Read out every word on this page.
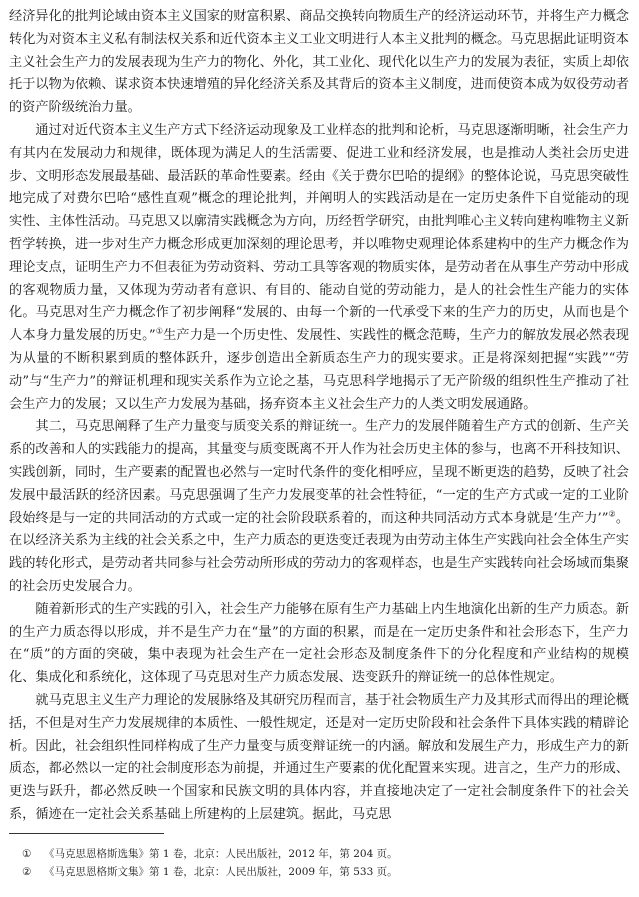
经济异化的批判论域由资本主义国家的财富积累、商品交换转向物质生产的经济运动环节，并将生产力概念转化为对资本主义私有制法权关系和近代资本主义工业文明进行人本主义批判的概念。马克思据此证明资本主义社会生产力的发展表现为生产力的物化、外化，其工业化、现代化以生产力的发展为表征，实质上却依托于以物为依赖、谋求资本快速增殖的异化经济关系及其背后的资本主义制度，进而使资本成为奴役劳动者的资产阶级统治力量。

通过对近代资本主义生产方式下经济运动现象及工业样态的批判和论析，马克思逐渐明晰，社会生产力有其内在发展动力和规律，既体现为满足人的生活需要、促进工业和经济发展，也是推动人类社会历史进步、文明形态发展最基础、最活跃的革命性要素。经由《关于费尔巴哈的提纲》的整体论说，马克思突破性地完成了对费尔巴哈“感性直观”概念的理论批判，并阐明人的实践活动是在一定历史条件下自觉能动的现实性、主体性活动。马克思又以廓清实践概念为方向，历经哲学研究，由批判唯心主义转向建构唯物主义新哲学转换，进一步对生产力概念形成更加深刻的理论思考，并以唯物史观理论体系建构中的生产力概念作为理论支点，证明生产力不但表征为劳动资料、劳动工具等客观的物质实体，是劳动者在从事生产劳动中形成的客观物质力量，又体现为劳动者有意识、有目的、能动自觉的劳动能力，是人的社会性生产能力的实体化。马克思对生产力概念作了初步阐释“发展的、由每一个新的一代承受下来的生产力的历史，从而也是个人本身力量发展的历史。”①生产力是一个历史性、发展性、实践性的概念范畴，生产力的解放发展必然表现为从量的不断积累到质的整体跃升，逐步创造出全新质态生产力的现实要求。正是将深刻把握“实践”“劳动”与“生产力”的辩证机理和现实关系作为立论之基，马克思科学地揭示了无产阶级的组织性生产推动了社会生产力的发展；又以生产力发展为基础，扬弃资本主义社会生产力的人类文明发展通路。

其二，马克思阐释了生产力量变与质变关系的辩证统一。生产力的发展伴随着生产方式的创新、生产关系的改善和人的实践能力的提高，其量变与质变既离不开人作为社会历史主体的参与，也离不开科技知识、实践创新，同时，生产要素的配置也必然与一定时代条件的变化相呼应，呈现不断更迭的趋势，反映了社会发展中最活跃的经济因素。马克思强调了生产力发展变革的社会性特征，“一定的生产方式或一定的工业阶段始终是与一定的共同活动的方式或一定的社会阶段联系着的，而这种共同活动方式本身就是‘生产力’”②。在以经济关系为主线的社会关系之中，生产力质态的更迭变迁表现为由劳动主体生产实践向社会全体生产实践的转化形式，是劳动者共同参与社会劳动所形成的劳动力的客观样态，也是生产实践转向社会场域而集聚的社会历史发展合力。

随着新形式的生产实践的引入，社会生产力能够在原有生产力基础上内生地演化出新的生产力质态。新的生产力质态得以形成，并不是生产力在“量”的方面的积累，而是在一定历史条件和社会形态下，生产力在“质”的方面的突破，集中表现为社会生产在一定社会形态及制度条件下的分化程度和产业结构的规模化、集成化和系统化，这体现了马克思对生产力质态发展、迭变跃升的辩证统一的总体性规定。

就马克思主义生产力理论的发展脉络及其研究历程而言，基于社会物质生产力及其形式而得出的理论概括，不但是对生产力发展规律的本质性、一般性规定，还是对一定历史阶段和社会条件下具体实践的精辟论析。因此，社会组织性同样构成了生产力量变与质变辩证统一的内涵。解放和发展生产力，形成生产力的新质态，都必然以一定的社会制度形态为前提，并通过生产要素的优化配置来实现。进言之，生产力的形成、更迭与跃升，都必然反映一个国家和民族文明的具体内容，并直接地决定了一定社会制度条件下的社会关系，循迹在一定社会关系基础上所建构的上层建筑。据此，马克思

① 《马克思恩格斯选集》第 1 卷，北京：人民出版社，2012 年，第 204 页。
② 《马克思恩格斯文集》第 1 卷，北京：人民出版社，2009 年，第 533 页。
